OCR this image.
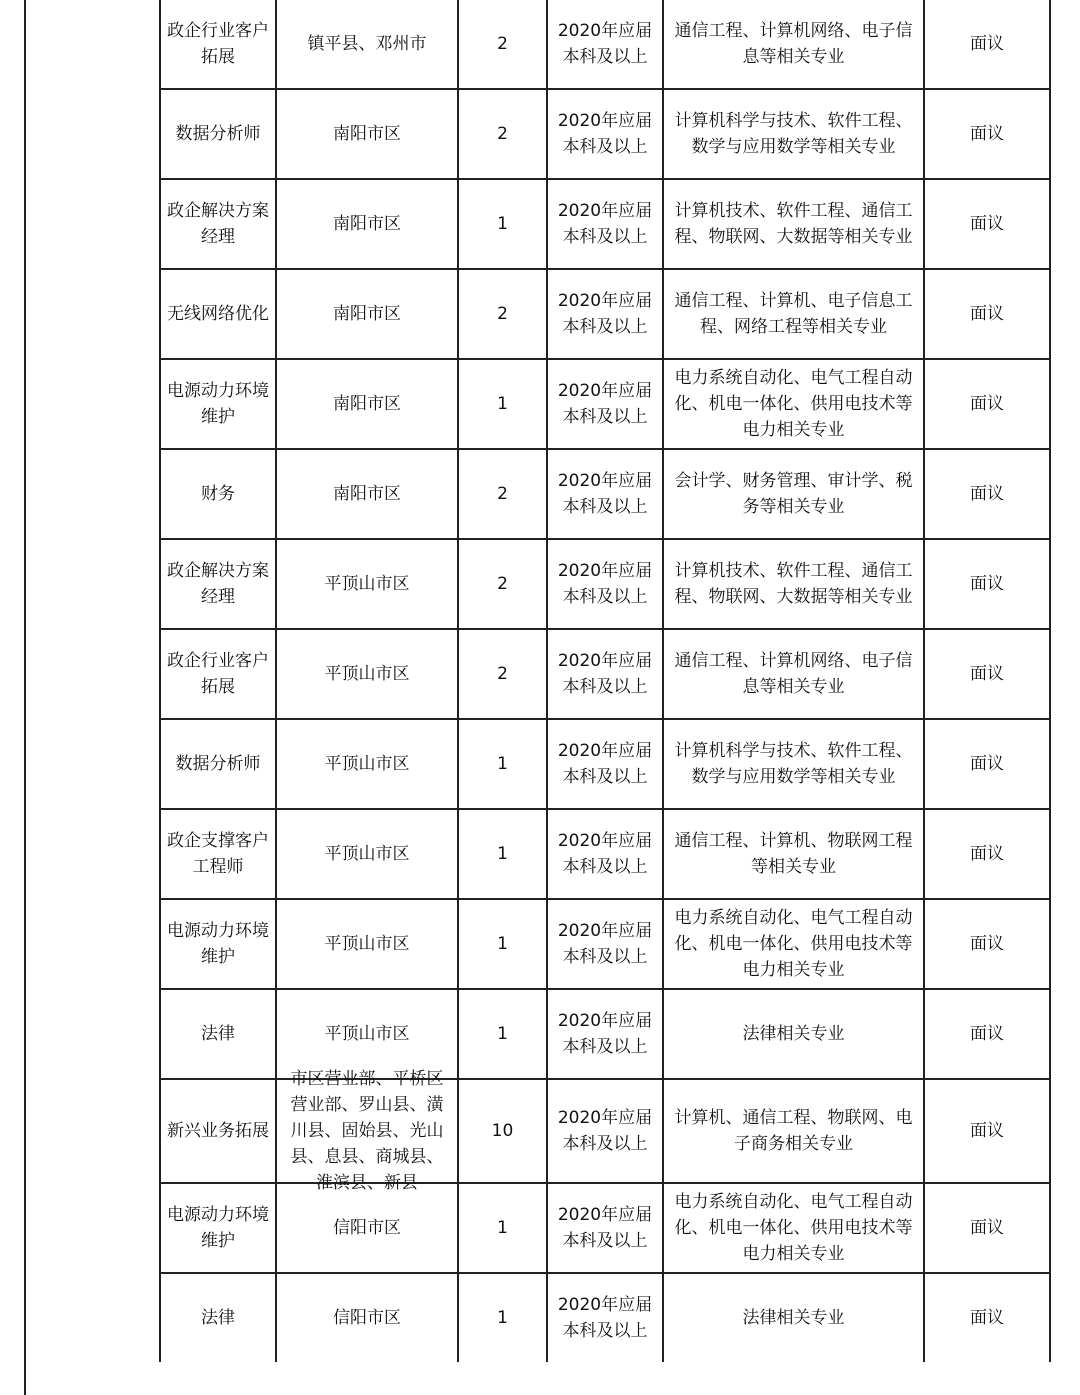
政企行业客户拓展	镇平县、邓州市	2	2020年应届本科及以上	通信工程、计算机网络、电子信息等相关专业	面议
数据分析师	南阳市区	2	2020年应届本科及以上	计算机科学与技术、软件工程、数学与应用数学等相关专业	面议
政企解决方案经理	南阳市区	1	2020年应届本科及以上	计算机技术、软件工程、通信工程、物联网、大数据等相关专业	面议
无线网络优化	南阳市区	2	2020年应届本科及以上	通信工程、计算机、电子信息工程、网络工程等相关专业	面议
电源动力环境维护	南阳市区	1	2020年应届本科及以上	电力系统自动化、电气工程自动化、机电一体化、供用电技术等电力相关专业	面议
财务	南阳市区	2	2020年应届本科及以上	会计学、财务管理、审计学、税务等相关专业	面议
政企解决方案经理	平顶山市区	2	2020年应届本科及以上	计算机技术、软件工程、通信工程、物联网、大数据等相关专业	面议
政企行业客户拓展	平顶山市区	2	2020年应届本科及以上	通信工程、计算机网络、电子信息等相关专业	面议
数据分析师	平顶山市区	1	2020年应届本科及以上	计算机科学与技术、软件工程、数学与应用数学等相关专业	面议
政企支撑客户工程师	平顶山市区	1	2020年应届本科及以上	通信工程、计算机、物联网工程等相关专业	面议
电源动力环境维护	平顶山市区	1	2020年应届本科及以上	电力系统自动化、电气工程自动化、机电一体化、供用电技术等电力相关专业	面议
法律	平顶山市区	1	2020年应届本科及以上	法律相关专业	面议
新兴业务拓展	市区营业部、平桥区营业部、罗山县、潢川县、固始县、光山县、息县、商城县、淮滨县、新县	10	2020年应届本科及以上	计算机、通信工程、物联网、电子商务相关专业	面议
电源动力环境维护	信阳市区	1	2020年应届本科及以上	电力系统自动化、电气工程自动化、机电一体化、供用电技术等电力相关专业	面议
法律	信阳市区	1	2020年应届本科及以上	法律相关专业	面议
